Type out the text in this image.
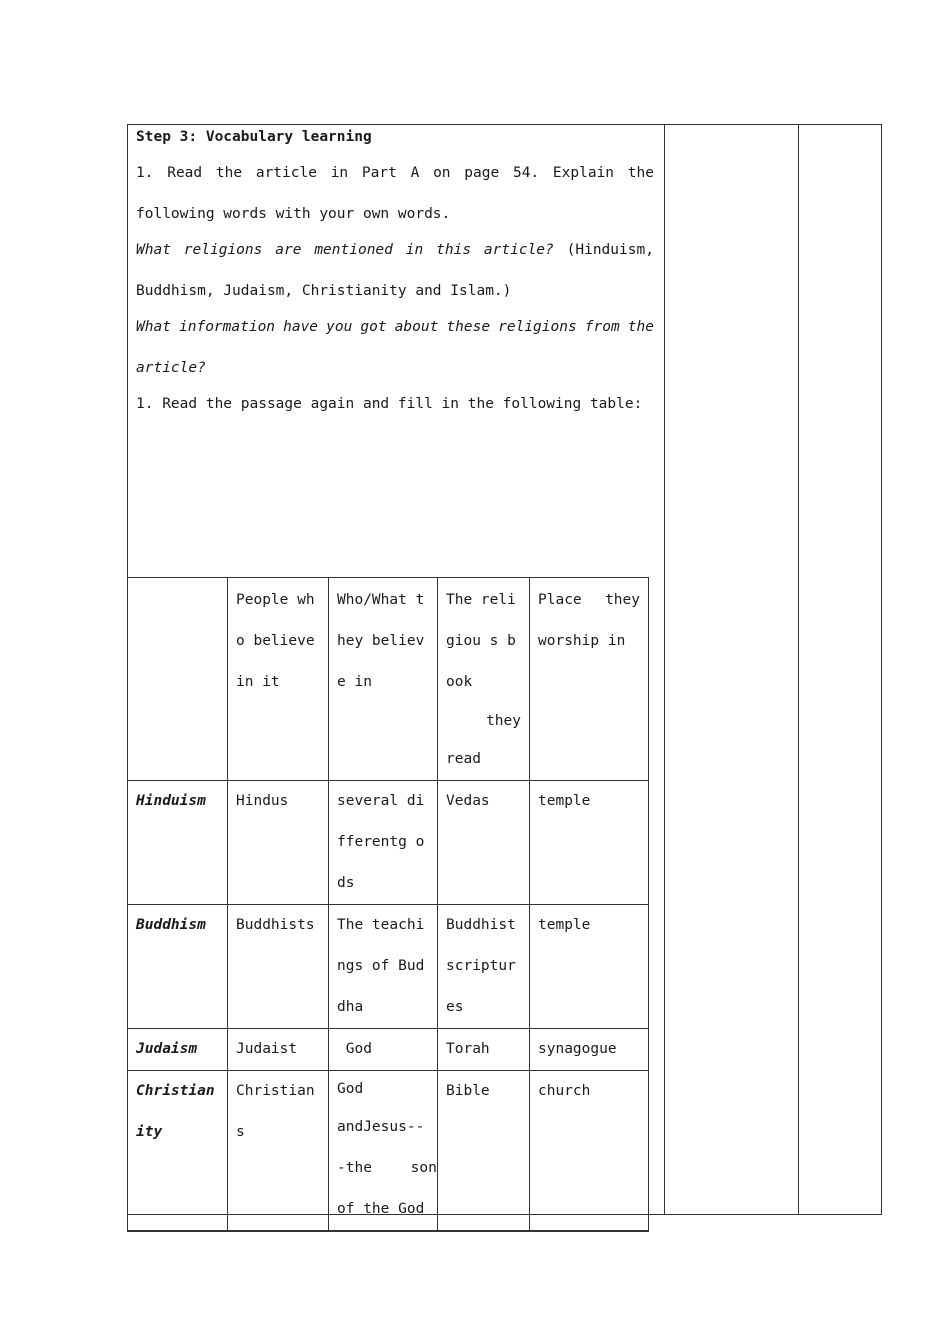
Step 3: Vocabulary learning
1. Read the article in Part A on page 54. Explain the
following words with your own words.
What religions are mentioned in this article? (Hinduism,
Buddhism, Judaism, Christianity and Islam.)
What information have you got about these religions from the
article?
1. Read the passage again and fill in the following table:
	People who believe in it	Who/What they believe in	The religiou s book
they
read	Place they worship in

Hinduism	Hindus	several differentg ods	Vedas	temple
Buddhism	Buddhists	The teachings of Buddha	Buddhist scriptur es	temple
Judaism	Judaist	God	Torah	synagogue
Christian ity	Christian s	God
andJesus--
-the son
of the God	Bible	church
